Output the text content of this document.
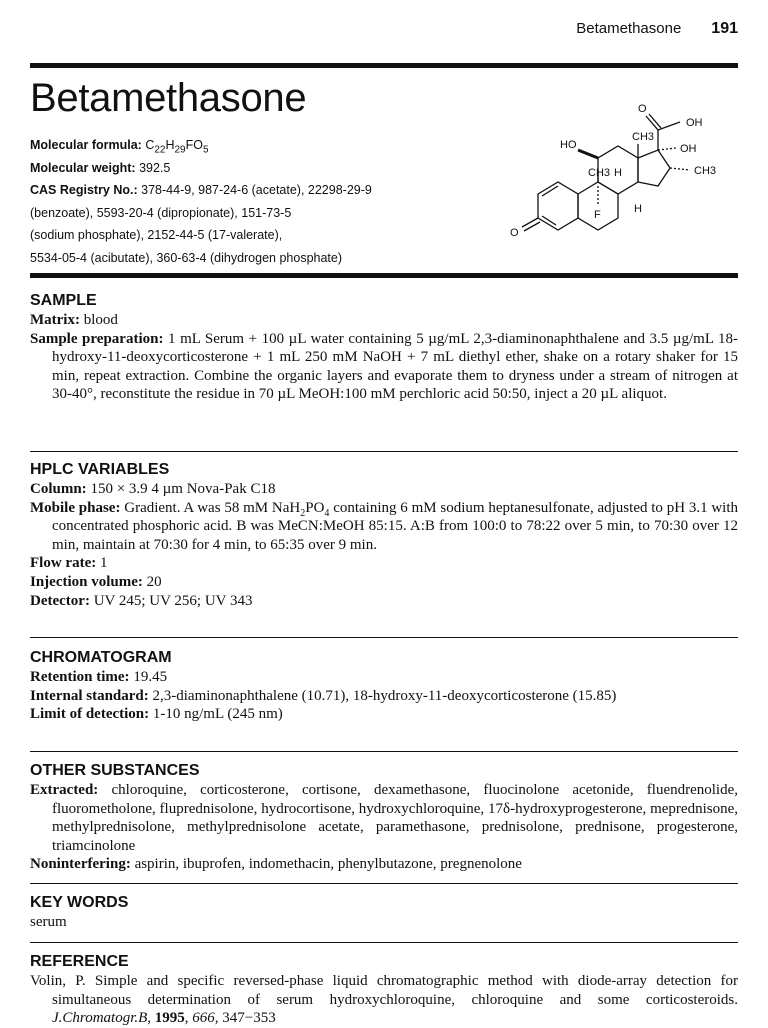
Betamethasone 191
Betamethasone
Molecular formula: $C_{22}H_{29}FO_5$
Molecular weight: 392.5
CAS Registry No.: 378-44-9, 987-24-6 (acetate), 22298-29-9
(benzoate), 5593-20-4 (dipropionate), 151-73-5
(sodium phosphate), 2152-44-5 (17-valerate),
5534-05-4 (acibutate), 360-63-4 (dihydrogen phosphate)
O
OH
HO
CH3
OH
CH3	CH3
H
F	H
O
SAMPLE
Matrix: blood
Sample preparation: 1 mL Serum + 100 µL water containing 5 µg/mL 2,3-diaminonaphthalene and 3.5 µg/mL 18-hydroxy-11-deoxycorticosterone + 1 mL 250 mM NaOH + 7 mL diethyl ether, shake on a rotary shaker for 15 min, repeat extraction. Combine the organic layers and evaporate them to dryness under a stream of nitrogen at 30-40°, reconstitute the residue in 70 µL MeOH:100 mM perchloric acid 50:50, inject a 20 µL aliquot.
HPLC VARIABLES
Column: 150 × 3.9 4 µm Nova-Pak C18
Mobile phase: Gradient. A was 58 mM $NaH_2PO_4$ containing 6 mM sodium heptanesulfonate, adjusted to pH 3.1 with concentrated phosphoric acid. B was MeCN:MeOH 85:15. A:B from 100:0 to 78:22 over 5 min, to 70:30 over 12 min, maintain at 70:30 for 4 min, to 65:35 over 9 min.
Flow rate: 1
Injection volume: 20
Detector: UV 245; UV 256; UV 343
CHROMATOGRAM
Retention time: 19.45
Internal standard: 2,3-diaminonaphthalene (10.71), 18-hydroxy-11-deoxycorticosterone (15.85)
Limit of detection: 1-10 ng/mL (245 nm)
OTHER SUBSTANCES
Extracted: chloroquine, corticosterone, cortisone, dexamethasone, fluocinolone acetonide, fluendrenolide, fluorometholone, fluprednisolone, hydrocortisone, hydroxychloroquine, 17δ-hydroxyprogesterone, meprednisone, methylprednisolone, methylprednisolone acetate, paramethasone, prednisolone, prednisone, progesterone, triamcinolone
Noninterfering: aspirin, ibuprofen, indomethacin, phenylbutazone, pregnenolone
KEY WORDS
serum
REFERENCE
Volin, P. Simple and specific reversed-phase liquid chromatographic method with diode-array detection for simultaneous determination of serum hydroxychloroquine, chloroquine and some corticosteroids. J.Chromatogr.B, 1995, 666, 347−353
